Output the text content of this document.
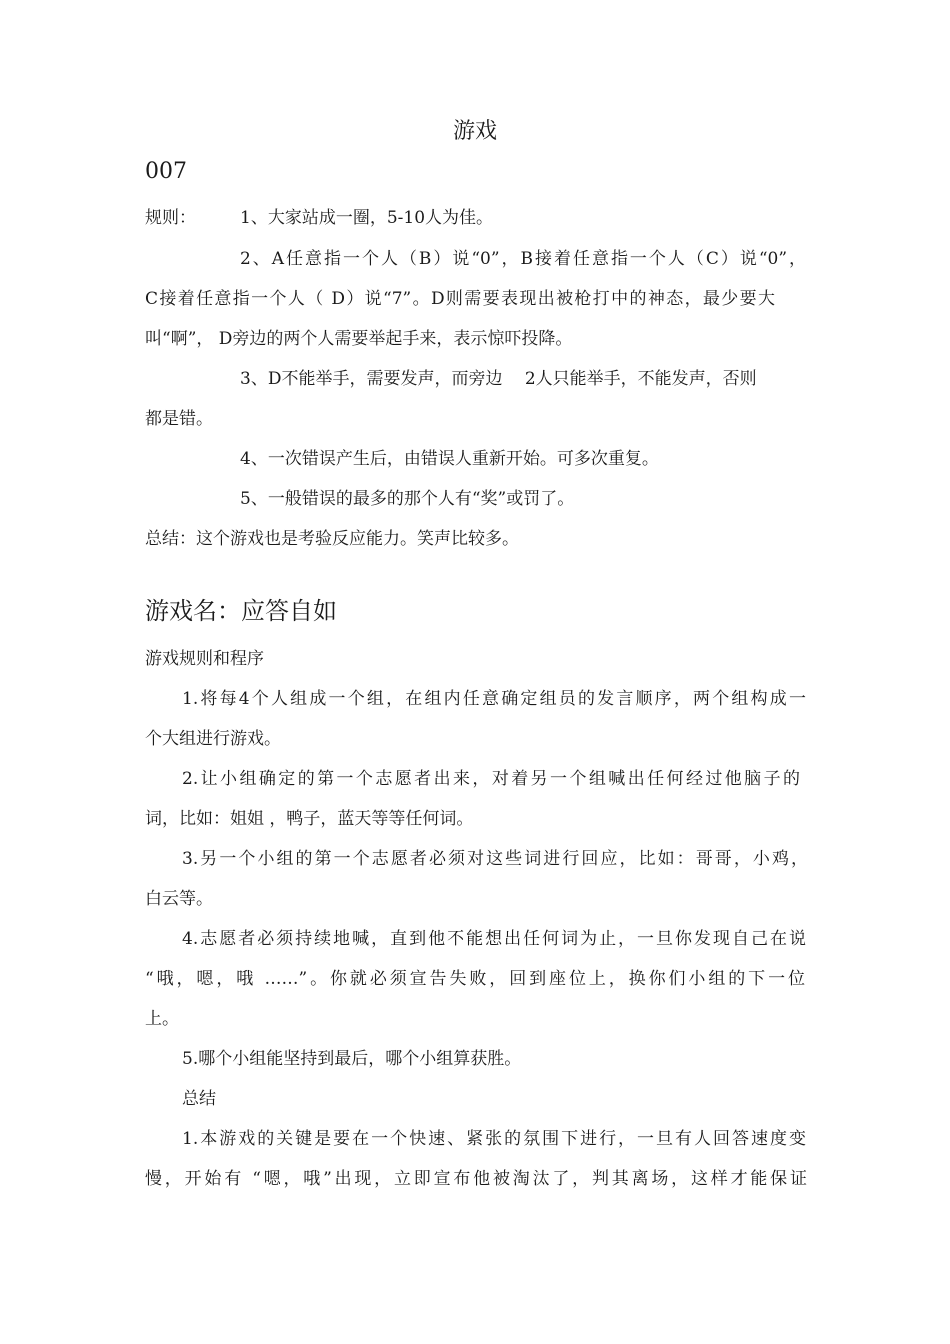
游戏
007
规则：	1、大家站成一圈，5-10人为佳。
2、A任意指一个人（B）说“0”，B接着任意指一个人（C）说“0”，
C接着任意指一个人（ D）说“7”。D则需要表现出被枪打中的神态，最少要大
叫“啊”， D旁边的两个人需要举起手来，表示惊吓投降。
3、D不能举手，需要发声，而旁边　 2人只能举手，不能发声，否则
都是错。
4、一次错误产生后，由错误人重新开始。可多次重复。
5、一般错误的最多的那个人有“奖”或罚了。
总结：这个游戏也是考验反应能力。笑声比较多。
游戏名：应答自如
游戏规则和程序
1.将每4个人组成一个组，在组内任意确定组员的发言顺序，两个组构成一
个大组进行游戏。
2.让小组确定的第一个志愿者出来，对着另一个组喊出任何经过他脑子的
词，比如：姐姐 ，鸭子，蓝天等等任何词。
3.另一个小组的第一个志愿者必须对这些词进行回应，比如：哥哥，小鸡，
白云等。
4.志愿者必须持续地喊，直到他不能想出任何词为止，一旦你发现自己在说
“哦，嗯，哦 ……”。你就必须宣告失败，回到座位上，换你们小组的下一位
上。
5.哪个小组能坚持到最后，哪个小组算获胜。
总结
1.本游戏的关键是要在一个快速、紧张的氛围下进行，一旦有人回答速度变
慢，开始有 “嗯，哦”出现，立即宣布他被淘汰了，判其离场，这样才能保证
